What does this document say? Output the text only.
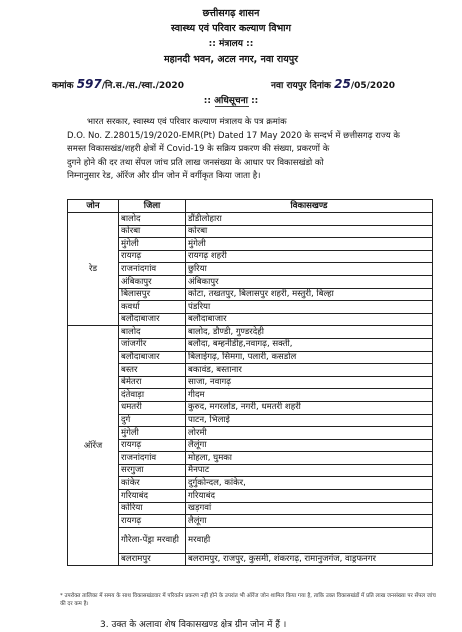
छत्तीसगढ़ शासन
स्वास्थ्य एवं परिवार कल्याण विभाग
:: मंत्रालय ::
महानदी भवन, अटल नगर, नवा रायपुर
कमांक 597/नि.स./स./स्वा./2020	नवा रायपुर दिनांक 25/05/2020
:: अधिसूचना ::
भारत सरकार, स्वास्थ्य एवं परिवार कल्याण मंत्रालय के पत्र क्रमांक
D.O. No. Z.28015/19/2020-EMR(Pt) Dated 17 May 2020 के सन्दर्भ में छत्तीसगढ़ राज्य के
समस्त विकासखंड/शहरी क्षेत्रों में Covid-19 के सक्रिय प्रकरण की संख्या, प्रकरणों के
दुगने होने की दर तथा सेंपल जांच प्रति लाख जनसंख्या के आधार पर विकासखंडो को
निम्नानुसार रेड, ऑरेंज और ग्रीन जोन में वर्गीकृत किया जाता है।
जोन	जिला	विकासखण्ड
रेड	बालोद	डौंडीलोहारा
	कोरबा	कोरबा
	मुंगेली	मुंगेली
	रायगढ़	रायगढ़ शहरी
	राजनांदगांव	छुरिया
	अंबिकापुर	अंबिकापुर
	बिलासपुर	कोटा, तखतपुर, बिलासपुर शहरी, मस्तुरी, बिल्हा
	कवर्धा	पंडरिया
	बलौदाबाजार	बलौदाबाजार
ऑरेंज	बालोद	बालोद, डौण्डी, गुण्डरदेही
	जांजगीर	बलौदा, बम्हनीडीह,नवागढ़, सक्ती,
	बलौदाबाजार	बिलाईगढ़, सिमगा, पलारी, कसडोल
	बस्तर	बकावंड, बस्तानार
	बेमेतरा	साजा, नवागढ़
	दंतेवाड़ा	गीदम
	धमतरी	कुरुद, मगरलोड, नगरी, धमतरी शहरी
	दुर्ग	पाटन, भिलाई
	मुंगेली	लोरमी
	रायगढ़	लैलूंगा
	राजनांदगांव	मोहला, घुमका
	सरगुजा	मैनपाट
	कांकेर	दुर्गुकोन्दल, कांकेर,
	गरियाबंद	गरियाबंद
	कोरिया	खड़गवां
	रायगढ़	लैलूंगा
	गौरेला-पेंड्रा मरवाही	मरवाही
	बलरामपुर	बलरामपुर, राजपुर, कुसमी, शंकरगढ़, रामानुजगंज, वाड्रफनगर
* उपरोक्त तालिका में समय के साथ विकासखंडवार में परिवर्तन प्रकरण नहीं होने के उपरांत भी ऑरेंज जोन शामिल किया गया है, ताकि उक्त विकासखंडों में प्रति लाख जनसंख्या पर सेंपल जांच की दर कम है।
3. उक्त के अलावा शेष विकासखण्ड क्षेत्र ग्रीन जोन में हैं ।
